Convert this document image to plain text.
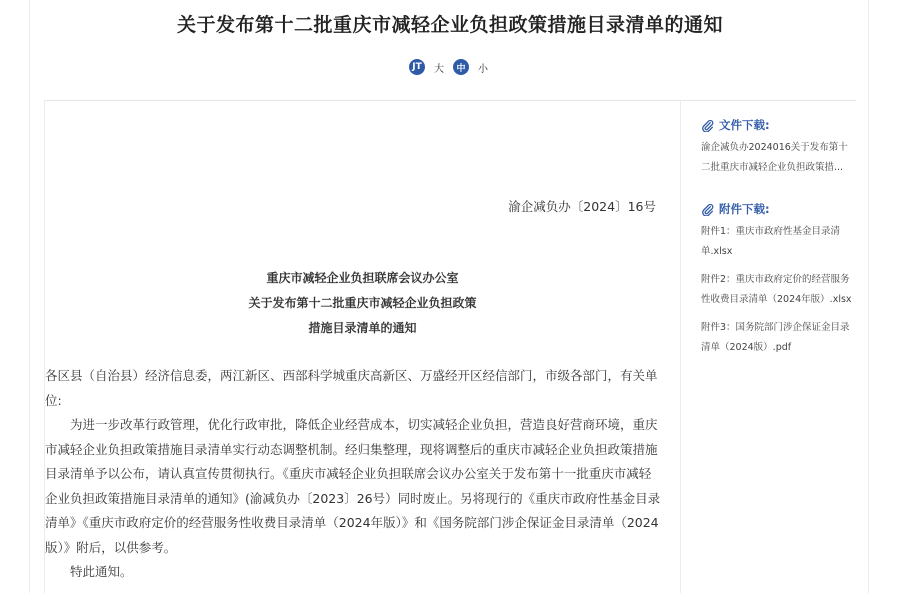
关于发布第十二批重庆市减轻企业负担政策措施目录清单的通知
JT	大	中	小
渝企减负办〔2024〕16号
重庆市减轻企业负担联席会议办公室
关于发布第十二批重庆市减轻企业负担政策
措施目录清单的通知

各区县（自治县）经济信息委，两江新区、西部科学城重庆高新区、万盛经开区经信部门，市级各部门，有关单位:

为进一步改革行政管理，优化行政审批，降低企业经营成本，切实减轻企业负担，营造良好营商环境，重庆市减轻企业负担政策措施目录清单实行动态调整机制。经归集整理，现将调整后的重庆市减轻企业负担政策措施目录清单予以公布，请认真宣传贯彻执行。《重庆市减轻企业负担联席会议办公室关于发布第十一批重庆市减轻企业负担政策措施目录清单的通知》(渝减负办〔2023〕26号）同时废止。另将现行的《重庆市政府性基金目录清单》《重庆市政府定价的经营服务性收费目录清单（2024年版）》和《国务院部门涉企保证金目录清单（2024版）》附后，以供参考。

特此通知。

文件下载:
渝企减负办2024016关于发布第十
二批重庆市减轻企业负担政策措...
附件下载:
附件1：重庆市政府性基金目录清
单.xlsx
附件2：重庆市政府定价的经营服务
性收费目录清单（2024年版）.xlsx
附件3：国务院部门涉企保证金目录
清单（2024版）.pdf
